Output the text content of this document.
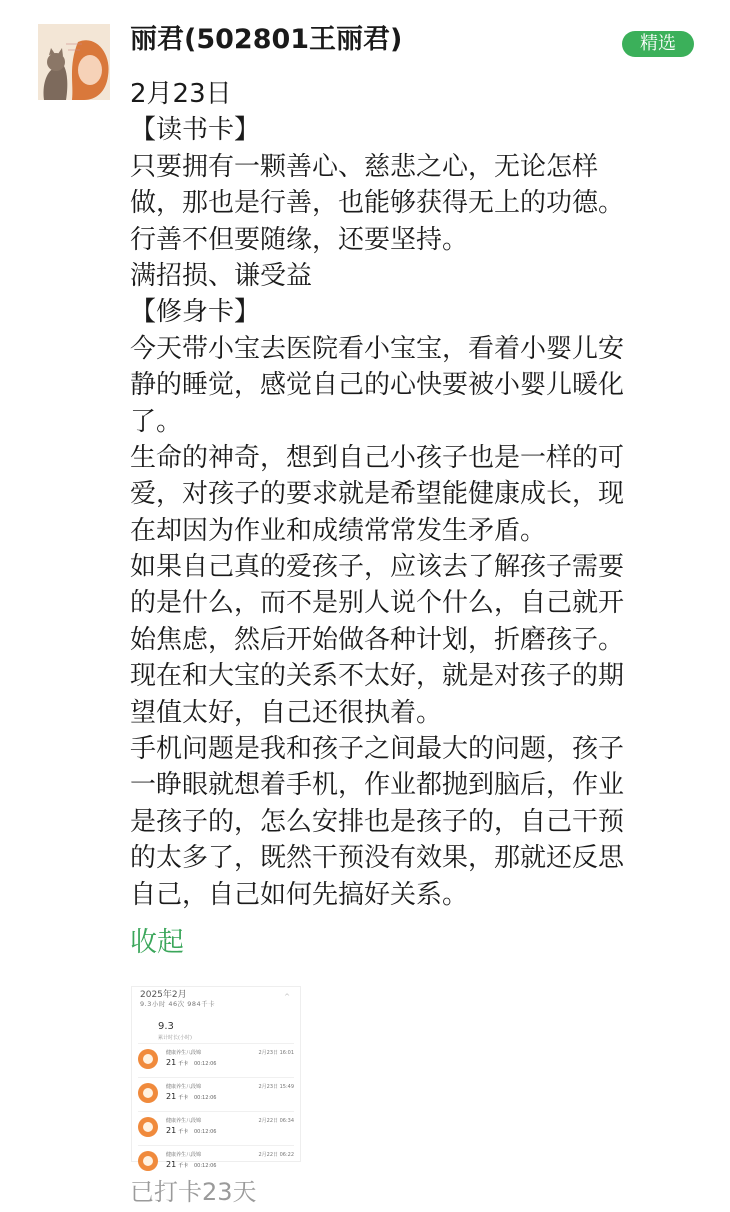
丽君(502801王丽君)	精选
2月23日
【读书卡】
只要拥有一颗善心、慈悲之心，无论怎样
做，那也是行善，也能够获得无上的功德。
行善不但要随缘，还要坚持。
满招损、谦受益
【修身卡】
今天带小宝去医院看小宝宝，看着小婴儿安
静的睡觉，感觉自己的心快要被小婴儿暖化
了。
生命的神奇，想到自己小孩子也是一样的可
爱，对孩子的要求就是希望能健康成长，现
在却因为作业和成绩常常发生矛盾。
如果自己真的爱孩子，应该去了解孩子需要
的是什么，而不是别人说个什么，自己就开
始焦虑，然后开始做各种计划，折磨孩子。
现在和大宝的关系不太好，就是对孩子的期
望值太好，自己还很执着。
手机问题是我和孩子之间最大的问题，孩子
一睁眼就想着手机，作业都抛到脑后，作业
是孩子的，怎么安排也是孩子的，自己干预
的太多了，既然干预没有效果，那就还反思
自己，自己如何先搞好关系。
收起
2025年2月
9.3小时 46次 984千卡
^
9.3
累计时长(小时)
健康养生八段锦
21 千卡 00:12:06
2月23日 16:01
健康养生八段锦
21 千卡 00:12:06
2月23日 15:49
健康养生八段锦
21 千卡 00:12:06
2月22日 06:34
健康养生八段锦
21 千卡 00:12:06
2月22日 06:22
已打卡23天
